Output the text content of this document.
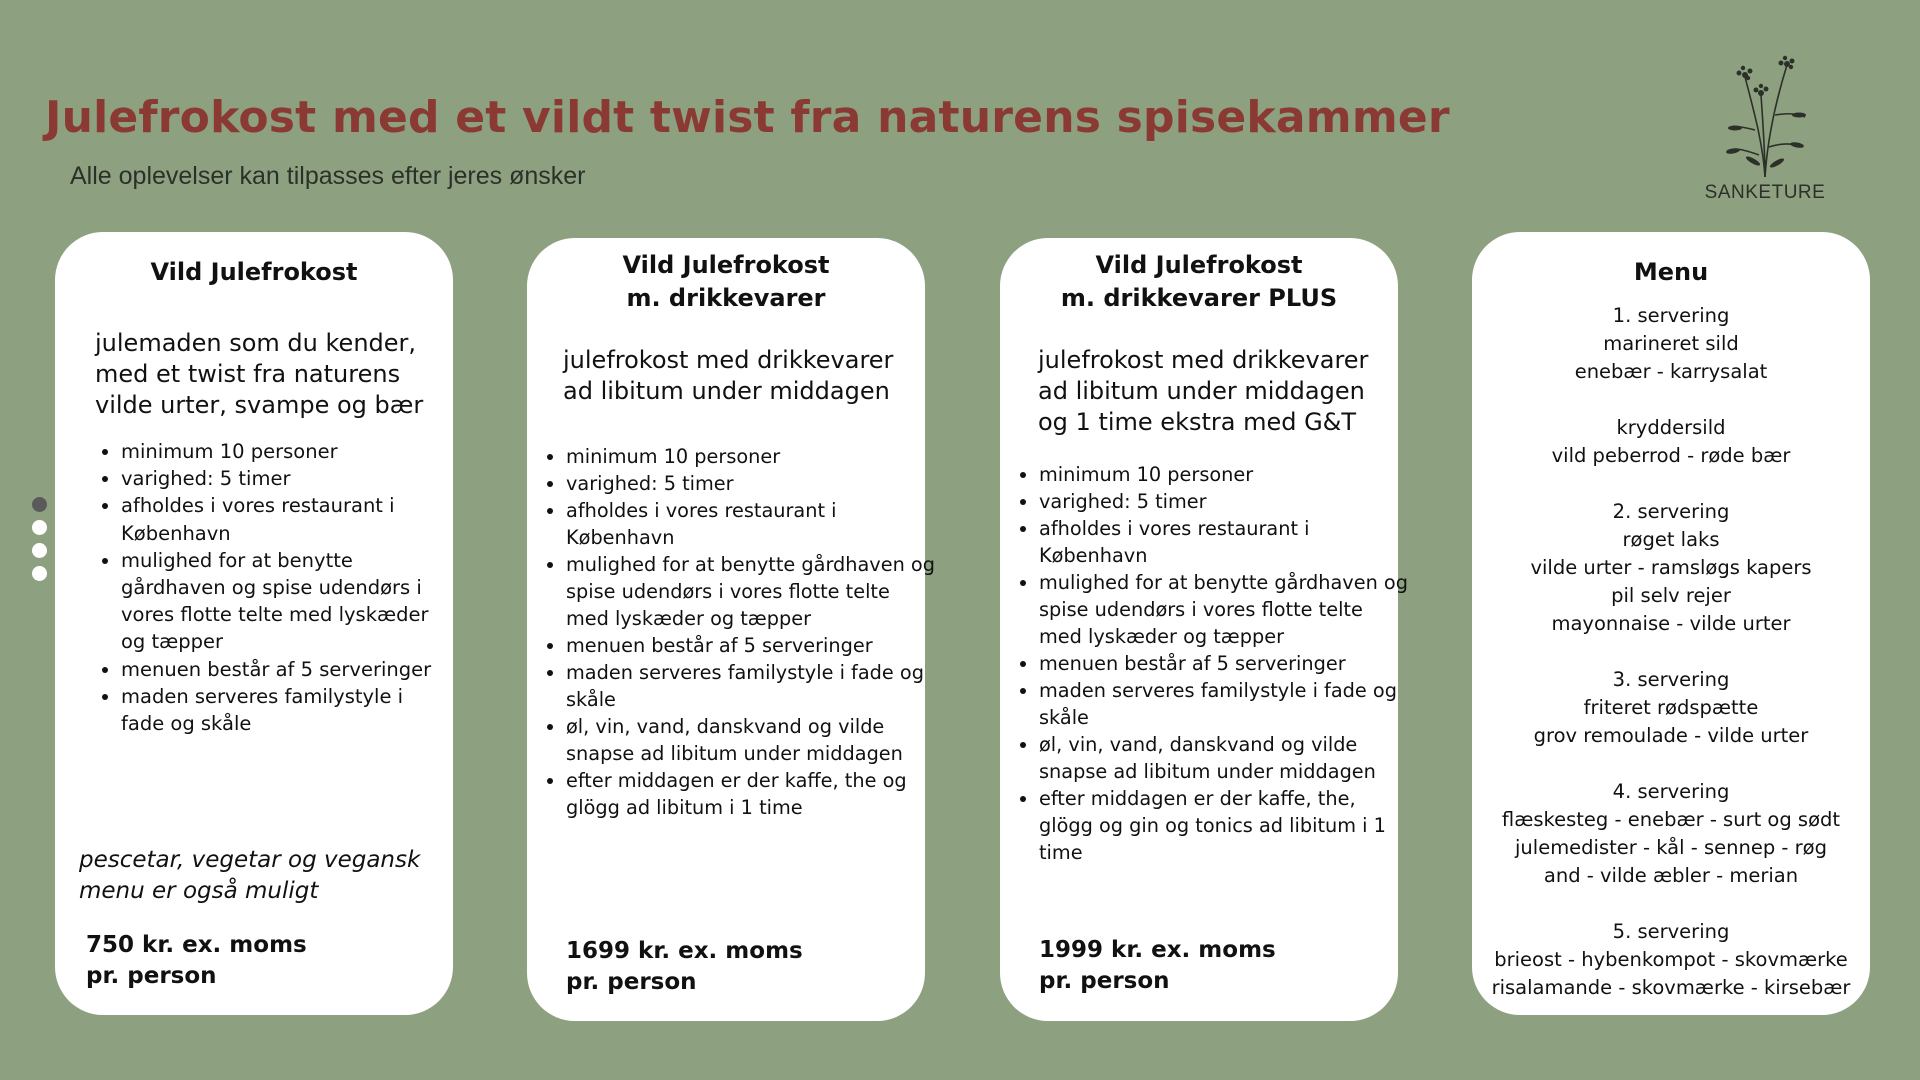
Julefrokost med et vildt twist fra naturens spisekammer
Alle oplevelser kan tilpasses efter jeres ønsker
SANKETURE
Vild Julefrokost
julemaden som du kender, med et twist fra naturens vilde urter, svampe og bær
• minimum 10 personer
• varighed: 5 timer
• afholdes i vores restaurant i København
• mulighed for at benytte gårdhaven og spise udendørs i vores flotte telte med lyskæder og tæpper
• menuen består af 5 serveringer
• maden serveres familystyle i fade og skåle
pescetar, vegetar og vegansk menu er også muligt
750 kr. ex. moms
pr. person
Vild Julefrokost
m. drikkevarer
julefrokost med drikkevarer ad libitum under middagen
• minimum 10 personer
• varighed: 5 timer
• afholdes i vores restaurant i København
• mulighed for at benytte gårdhaven og spise udendørs i vores flotte telte med lyskæder og tæpper
• menuen består af 5 serveringer
• maden serveres familystyle i fade og skåle
• øl, vin, vand, danskvand og vilde snapse ad libitum under middagen
• efter middagen er der kaffe, the og glögg ad libitum i 1 time
1699 kr. ex. moms
pr. person
Vild Julefrokost
m. drikkevarer PLUS
julefrokost med drikkevarer ad libitum under middagen og 1 time ekstra med G&T
• minimum 10 personer
• varighed: 5 timer
• afholdes i vores restaurant i København
• mulighed for at benytte gårdhaven og spise udendørs i vores flotte telte med lyskæder og tæpper
• menuen består af 5 serveringer
• maden serveres familystyle i fade og skåle
• øl, vin, vand, danskvand og vilde snapse ad libitum under middagen
• efter middagen er der kaffe, the, glögg og gin og tonics ad libitum i 1 time
1999 kr. ex. moms
pr. person
Menu
1. servering
marineret sild
enebær - karrysalat
kryddersild
vild peberrod - røde bær
2. servering
røget laks
vilde urter - ramsløgs kapers
pil selv rejer
mayonnaise - vilde urter
3. servering
friteret rødspætte
grov remoulade - vilde urter
4. servering
flæskesteg - enebær - surt og sødt
julemedister - kål - sennep - røg
and - vilde æbler - merian
5. servering
brieost - hybenkompot - skovmærke
risalamande - skovmærke - kirsebær
